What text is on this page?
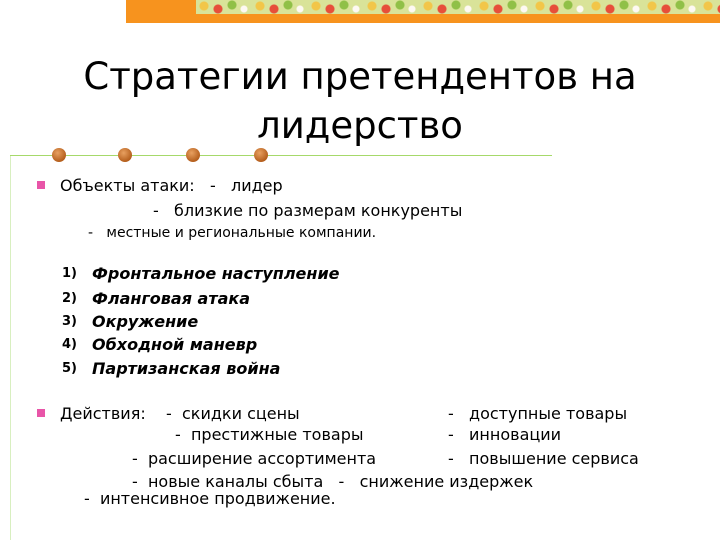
Стратегии претендентов на
лидерство
Объекты атаки:   -   лидер
-   близкие по размерам конкуренты
-   местные и региональные компании.
1) Фронтальное наступление
2) Фланговая атака
3) Окружение
4) Обходной маневр
5) Партизанская война
Действия:    -  скидки сцены	-   доступные товары
-  престижные товары	-   инновации
-  расширение ассортимента	-   повышение сервиса
-  новые каналы сбыта   -   снижение издержек
-  интенсивное продвижение.
